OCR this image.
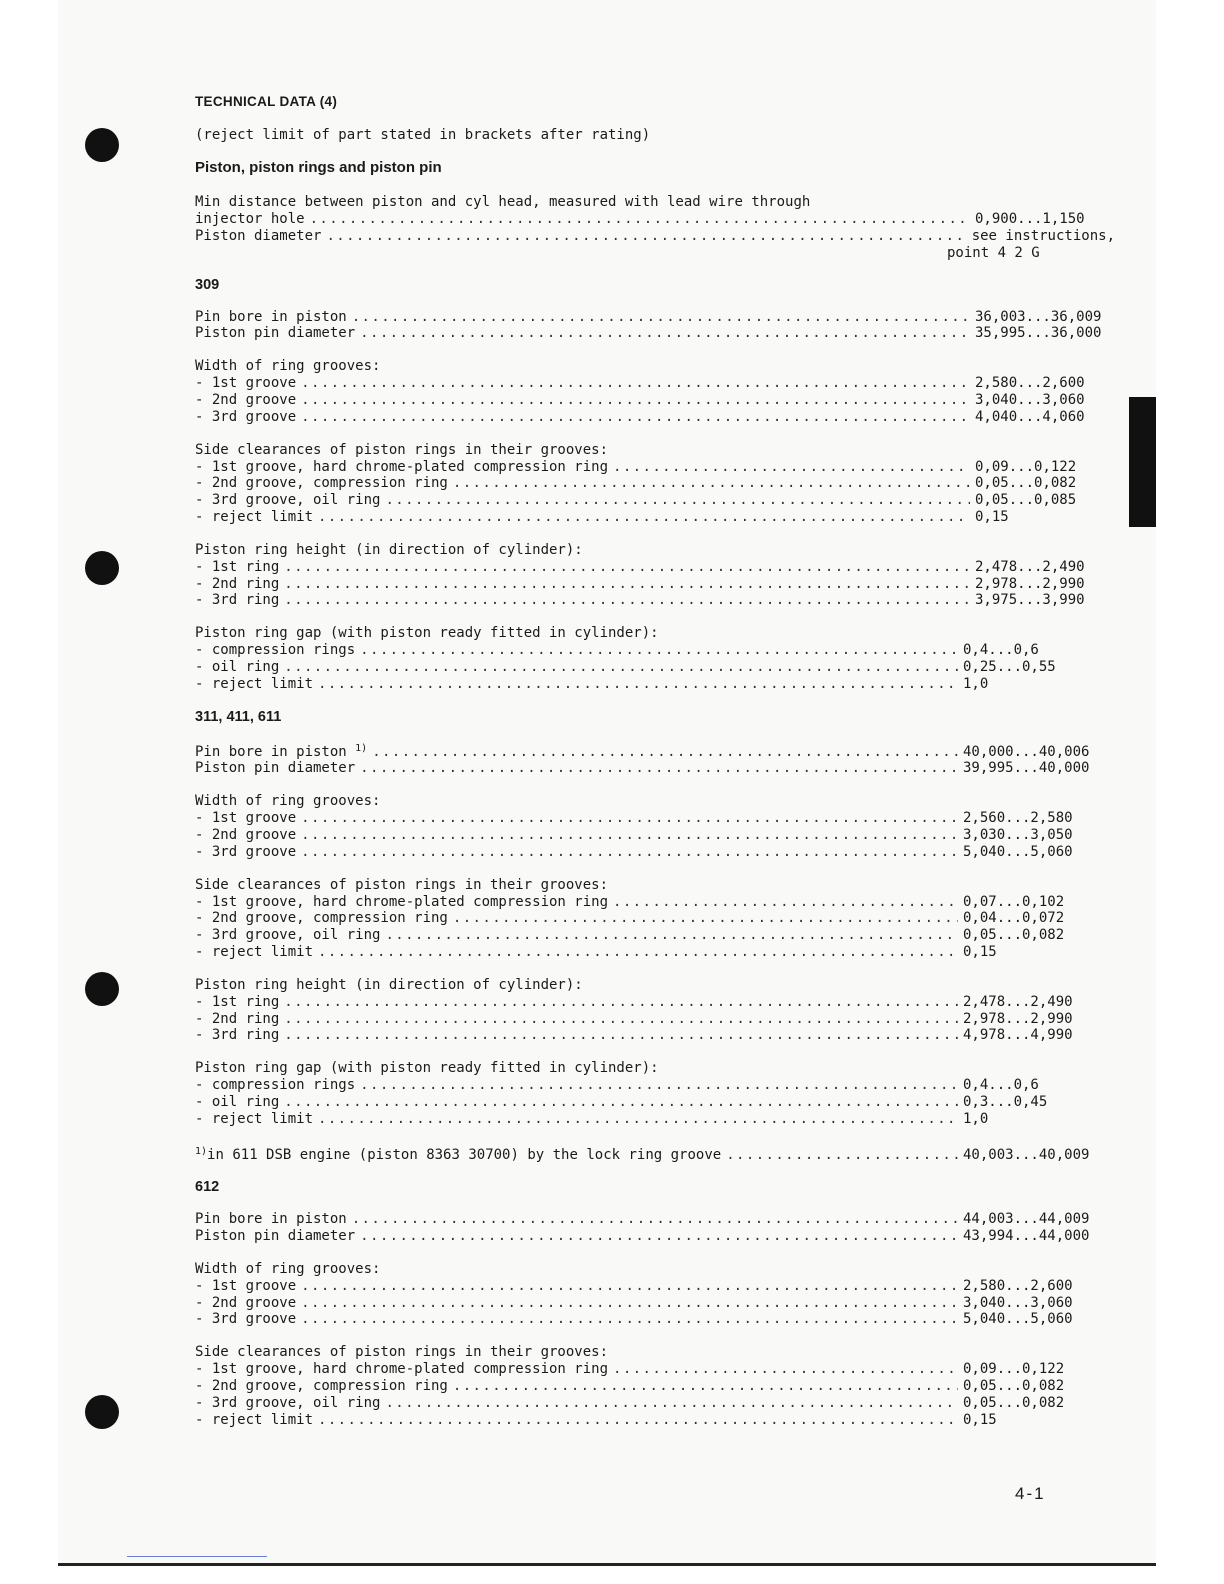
TECHNICAL DATA (4)
(reject limit of part stated in brackets after rating)
Piston, piston rings and piston pin
Min distance between piston and cyl head, measured with lead wire through
injector hole .....	0,900...1,150
Piston diameter .....	see instructions,
point 4 2 G
309
Pin bore in piston .....	36,003...36,009
Piston pin diameter .....	35,995...36,000
Width of ring grooves:
- 1st groove .....	2,580...2,600
- 2nd groove .....	3,040...3,060
- 3rd groove .....	4,040...4,060
Side clearances of piston rings in their grooves:
- 1st groove, hard chrome-plated compression ring .....	0,09...0,122
- 2nd groove, compression ring .....	0,05...0,082
- 3rd groove, oil ring .....	0,05...0,085
- reject limit .....	0,15
Piston ring height (in direction of cylinder):
- 1st ring .....	2,478...2,490
- 2nd ring .....	2,978...2,990
- 3rd ring .....	3,975...3,990
Piston ring gap (with piston ready fitted in cylinder):
- compression rings .....	0,4...0,6
- oil ring .....	0,25...0,55
- reject limit .....	1,0
311, 411, 611
Pin bore in piston $^{1)}$ .....	40,000...40,006
Piston pin diameter .....	39,995...40,000
Width of ring grooves:
- 1st groove .....	2,560...2,580
- 2nd groove .....	3,030...3,050
- 3rd groove .....	5,040...5,060
Side clearances of piston rings in their grooves:
- 1st groove, hard chrome-plated compression ring .....	0,07...0,102
- 2nd groove, compression ring .....	0,04...0,072
- 3rd groove, oil ring .....	0,05...0,082
- reject limit .....	0,15
Piston ring height (in direction of cylinder):
- 1st ring .....	2,478...2,490
- 2nd ring .....	2,978...2,990
- 3rd ring .....	4,978...4,990
Piston ring gap (with piston ready fitted in cylinder):
- compression rings .....	0,4...0,6
- oil ring .....	0,3...0,45
- reject limit .....	1,0
$^{1)}$in 611 DSB engine (piston 8363 30700) by the lock ring groove .....	40,003...40,009
612
Pin bore in piston .....	44,003...44,009
Piston pin diameter .....	43,994...44,000
Width of ring grooves:
- 1st groove .....	2,580...2,600
- 2nd groove .....	3,040...3,060
- 3rd groove .....	5,040...5,060
Side clearances of piston rings in their grooves:
- 1st groove, hard chrome-plated compression ring .....	0,09...0,122
- 2nd groove, compression ring .....	0,05...0,082
- 3rd groove, oil ring .....	0,05...0,082
- reject limit .....	0,15
4-1
